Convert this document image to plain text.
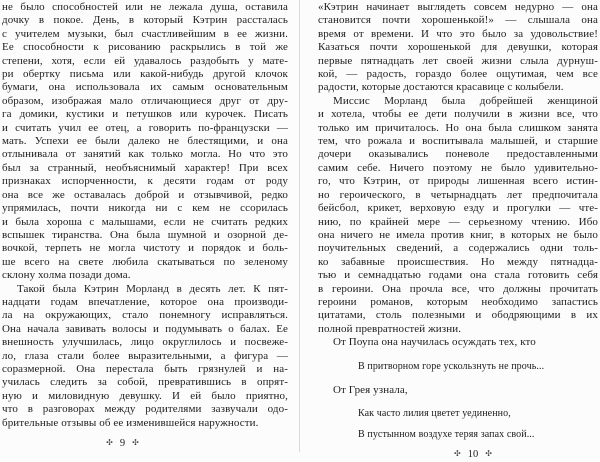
не было способностей или не лежала душа, оставила
дочку в покое. День, в который Кэтрин рассталась
с учителем музыки, был счастливейшим в ее жизни.
Ее способности к рисованию раскрылись в той же
степени, хотя, если ей удавалось раздобыть у мате-
ри обертку письма или какой-нибудь другой клочок
бумаги, она использовала их самым основательным
образом, изображая мало отличающиеся друг от дру-
га домики, кустики и петушков или курочек. Писать
и считать учил ее отец, а говорить по-французски —
мать. Успехи ее были далеко не блестящими, и она
отлынивала от занятий как только могла. Но что это
был за странный, необъяснимый характер! При всех
признаках испорченности, к десяти годам от роду
она все же оставалась доброй и отзывчивой, редко
упрямилась, почти никогда ни с кем не ссорилась
и была хороша с малышами, если не считать редких
вспышек тиранства. Она была шумной и озорной де-
вочкой, терпеть не могла чистоту и порядок и боль-
ше всего на свете любила скатываться по зеленому
склону холма позади дома.
Такой была Кэтрин Морланд в десять лет. К пят-
надцати годам впечатление, которое она производи-
ла на окружающих, стало понемногу исправляться.
Она начала завивать волосы и подумывать о балах. Ее
внешность улучшилась, лицо округлилось и посвеже-
ло, глаза стали более выразительными, а фигура —
соразмерной. Она перестала быть грязнулей и на-
училась следить за собой, превратившись в опрят-
ную и миловидную девушку. И ей было приятно,
что в разговорах между родителями зазвучали одо-
брительные отзывы об ее изменившейся наружности.
✣ 9 ✣
«Кэтрин начинает выглядеть совсем недурно — она
становится почти хорошенькой!» — слышала она
время от времени. И что это было за удовольствие!
Казаться почти хорошенькой для девушки, которая
первые пятнадцать лет своей жизни слыла дурнуш-
кой, — радость, гораздо более ощутимая, чем все
радости, которые достаются красавице с колыбели.
Миссис Морланд была добрейшей женщиной
и хотела, чтобы ее дети получили в жизни все, что
только им причиталось. Но она была слишком занята
тем, что рожала и воспитывала малышей, и старшие
дочери оказывались поневоле предоставленными
самим себе. Ничего поэтому не было удивительно-
го, что Кэтрин, от природы лишенная всего истин-
но героического, в четырнадцать лет предпочитала
бейсбол, крикет, верховую езду и прогулки — чте-
нию, по крайней мере — серьезному чтению. Ибо
она ничего не имела против книг, в которых не было
поучительных сведений, а содержались одни толь-
ко забавные происшествия. Но между пятнадца-
тью и семнадцатью годами она стала готовить себя
в героини. Она прочла все, что должны прочитать
героини романов, которым необходимо запастись
цитатами, столь полезными и ободряющими в их
полной превратностей жизни.
От Поупа она научилась осуждать тех, кто
В притворном горе ускользнуть не прочь...
От Грея узнала,
Как часто лилия цветет уединенно,
В пустынном воздухе теряя запах свой...
✣ 10 ✣
